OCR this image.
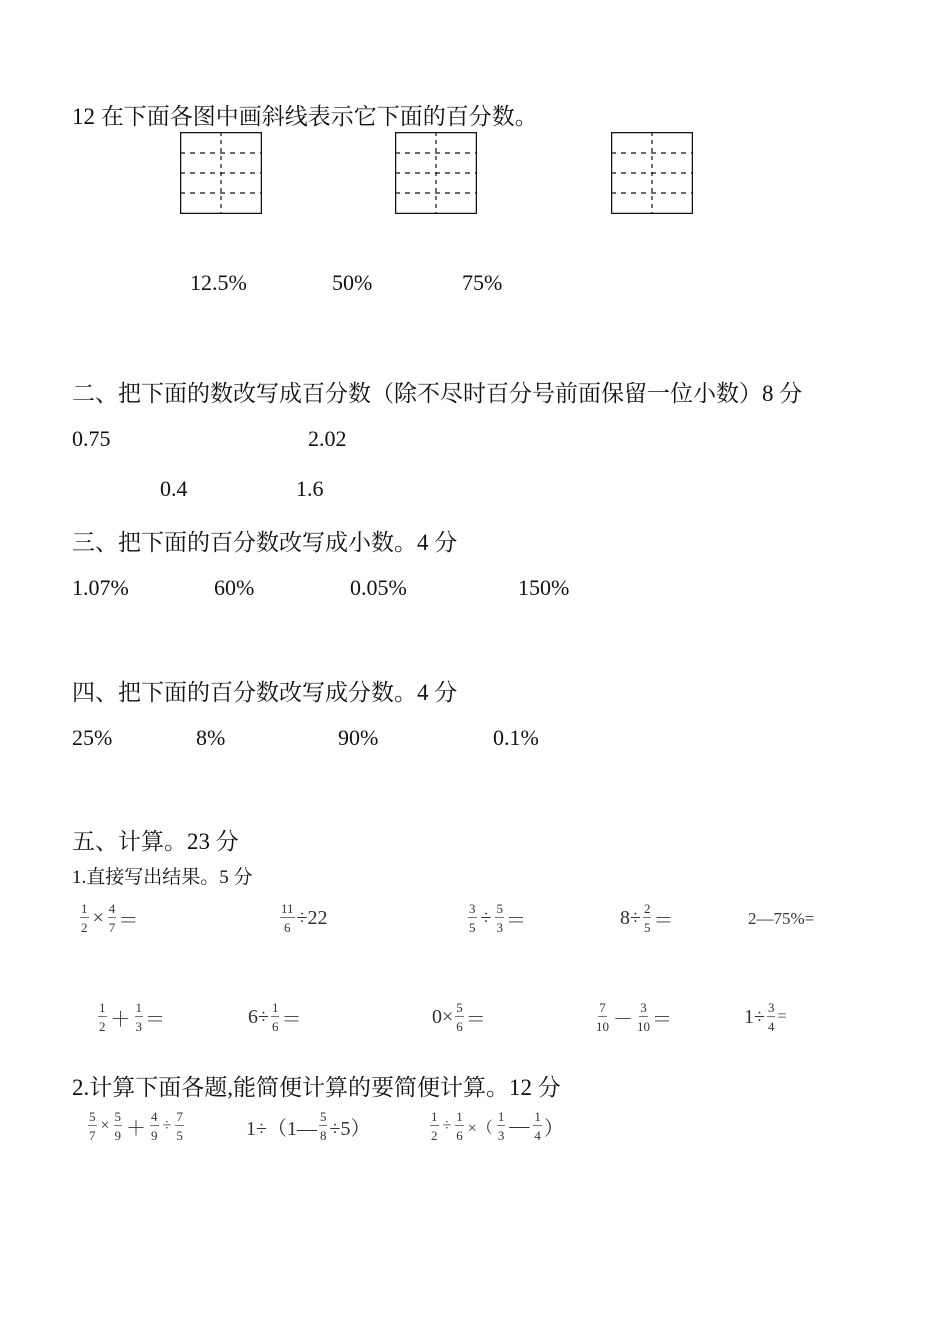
12 在下面各图中画斜线表示它下面的百分数。
12.5%	50%	75%
二、把下面的数改写成百分数（除不尽时百分号前面保留一位小数）8 分
0.75	2.02
0.4	1.6
三、把下面的百分数改写成小数。4 分
1.07%	60%	0.05%	150%
四、把下面的百分数改写成分数。4 分
25%	8%	90%	0.1%
五、计算。23 分
1.直接写出结果。5 分
$\frac{1}{2} \times \frac{4}{7}$ ＝	$\frac{11}{6} \div 22$	$\frac{3}{5} \div \frac{5}{3}$ ＝	$8\div \frac{2}{5}$ ＝	2—75%=
$\frac{1}{2} + \frac{1}{3}$ ＝	$6\div \frac{1}{6}$ ＝	$0\times \frac{5}{6}$ ＝	$\frac{7}{10} - \frac{3}{10}$ ＝	$1\div \frac{3}{4}$ =
2.计算下面各题,能简便计算的要简便计算。12 分
$\frac{5}{7} \times \frac{5}{9} + \frac{4}{9} \div \frac{7}{5}$	1÷（1— $\frac{5}{8} \div 5$）	$\frac{1}{2} \div \frac{1}{6}$ ×（ $\frac{1}{3}$ — $\frac{1}{4}$ ）
